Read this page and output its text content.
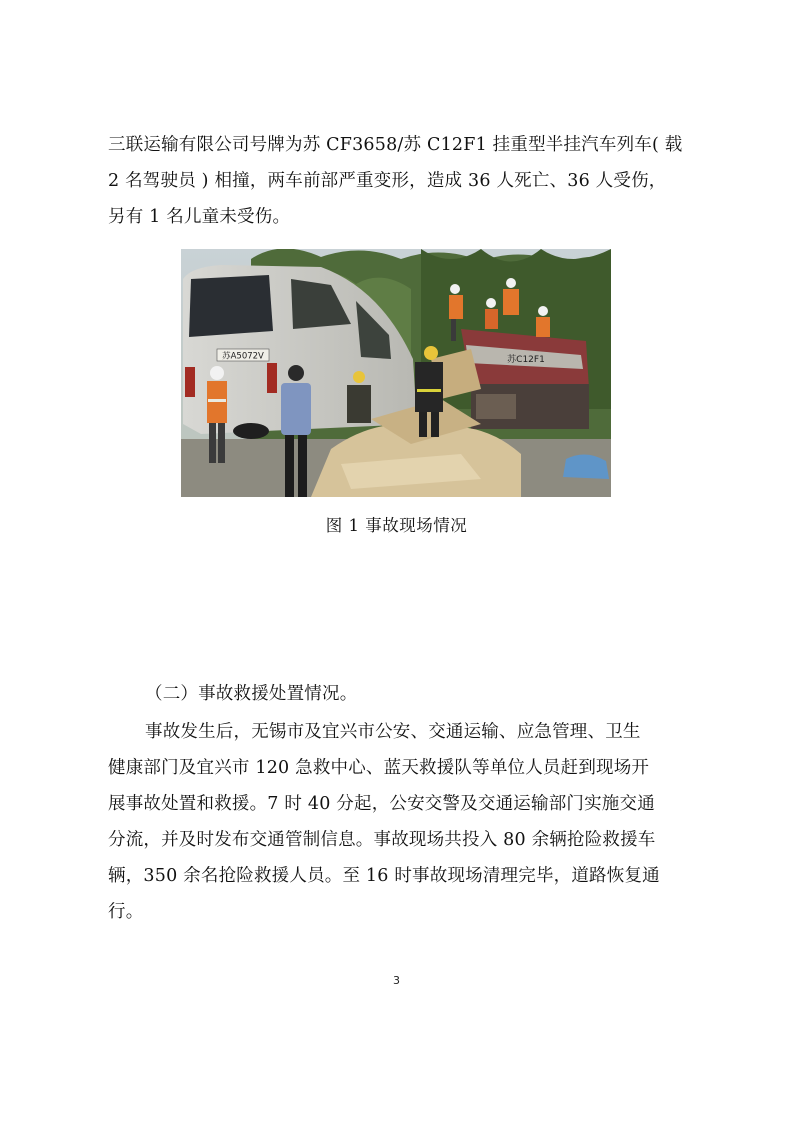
三联运输有限公司号牌为苏 CF3658/苏 C12F1 挂重型半挂汽车列车( 载
2 名驾驶员 ) 相撞，两车前部严重变形，造成 36 人死亡、36 人受伤，
另有 1 名儿童未受伤。
苏A5072V	苏C12F1
图 1 事故现场情况
（二）事故救援处置情况。
事故发生后，无锡市及宜兴市公安、交通运输、应急管理、卫生
健康部门及宜兴市 120 急救中心、蓝天救援队等单位人员赶到现场开
展事故处置和救援。7 时 40 分起，公安交警及交通运输部门实施交通
分流，并及时发布交通管制信息。事故现场共投入 80 余辆抢险救援车
辆，350 余名抢险救援人员。至 16 时事故现场清理完毕，道路恢复通
行。
3
